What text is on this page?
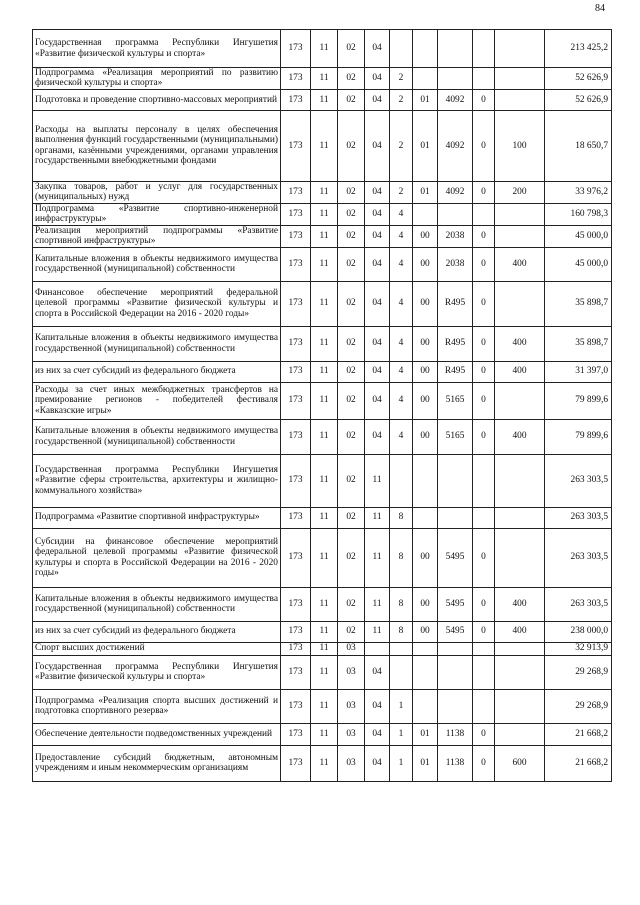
84
Государственная программа Республики Ингушетия «Развитие физической культуры и спорта»	173	11	02	04						213 425,2
Подпрограмма «Реализация мероприятий по развитию физической культуры и спорта»	173	11	02	04	2					52 626,9
Подготовка и проведение спортивно-массовых мероприятий	173	11	02	04	2	01	4092	0		52 626,9
Расходы на выплаты персоналу в целях обеспечения выполнения функций государственными (муниципальными) органами, казёнными учреждениями, органами управления государственными внебюджетными фондами	173	11	02	04	2	01	4092	0	100	18 650,7
Закупка товаров, работ и услуг для государственных (муниципальных) нужд	173	11	02	04	2	01	4092	0	200	33 976,2
Подпрограмма «Развитие спортивно-инженерной инфраструктуры»	173	11	02	04	4					160 798,3
Реализация мероприятий подпрограммы «Развитие спортивной инфраструктуры»	173	11	02	04	4	00	2038	0		45 000,0
Капитальные вложения в объекты недвижимого имущества государственной (муниципальной) собственности	173	11	02	04	4	00	2038	0	400	45 000,0
Финансовое обеспечение мероприятий федеральной целевой программы «Развитие физической культуры и спорта в Российской Федерации на 2016 - 2020 годы»	173	11	02	04	4	00	R495	0		35 898,7
Капитальные вложения в объекты недвижимого имущества государственной (муниципальной) собственности	173	11	02	04	4	00	R495	0	400	35 898,7
из них за счет субсидий из федерального бюджета	173	11	02	04	4	00	R495	0	400	31 397,0
Расходы за счет иных межбюджетных трансфертов на премирование регионов - победителей фестиваля «Кавказские игры»	173	11	02	04	4	00	5165	0		79 899,6
Капитальные вложения в объекты недвижимого имущества государственной (муниципальной) собственности	173	11	02	04	4	00	5165	0	400	79 899,6
Государственная программа Республики Ингушетия «Развитие сферы строительства, архитектуры и жилищно-коммунального хозяйства»	173	11	02	11						263 303,5
Подпрограмма «Развитие спортивной инфраструктуры»	173	11	02	11	8					263 303,5
Субсидии на финансовое обеспечение мероприятий федеральной целевой программы «Развитие физической культуры и спорта в Российской Федерации на 2016 - 2020 годы»	173	11	02	11	8	00	5495	0		263 303,5
Капитальные вложения в объекты недвижимого имущества государственной (муниципальной) собственности	173	11	02	11	8	00	5495	0	400	263 303,5
из них за счет субсидий из федерального бюджета	173	11	02	11	8	00	5495	0	400	238 000,0
Спорт высших достижений	173	11	03							32 913,9
Государственная программа Республики Ингушетия «Развитие физической культуры и спорта»	173	11	03	04						29 268,9
Подпрограмма «Реализация спорта высших достижений и подготовка спортивного резерва»	173	11	03	04	1					29 268,9
Обеспечение деятельности подведомственных учреждений	173	11	03	04	1	01	1138	0		21 668,2
Предоставление субсидий бюджетным, автономным учреждениям и иным некоммерческим организациям	173	11	03	04	1	01	1138	0	600	21 668,2
